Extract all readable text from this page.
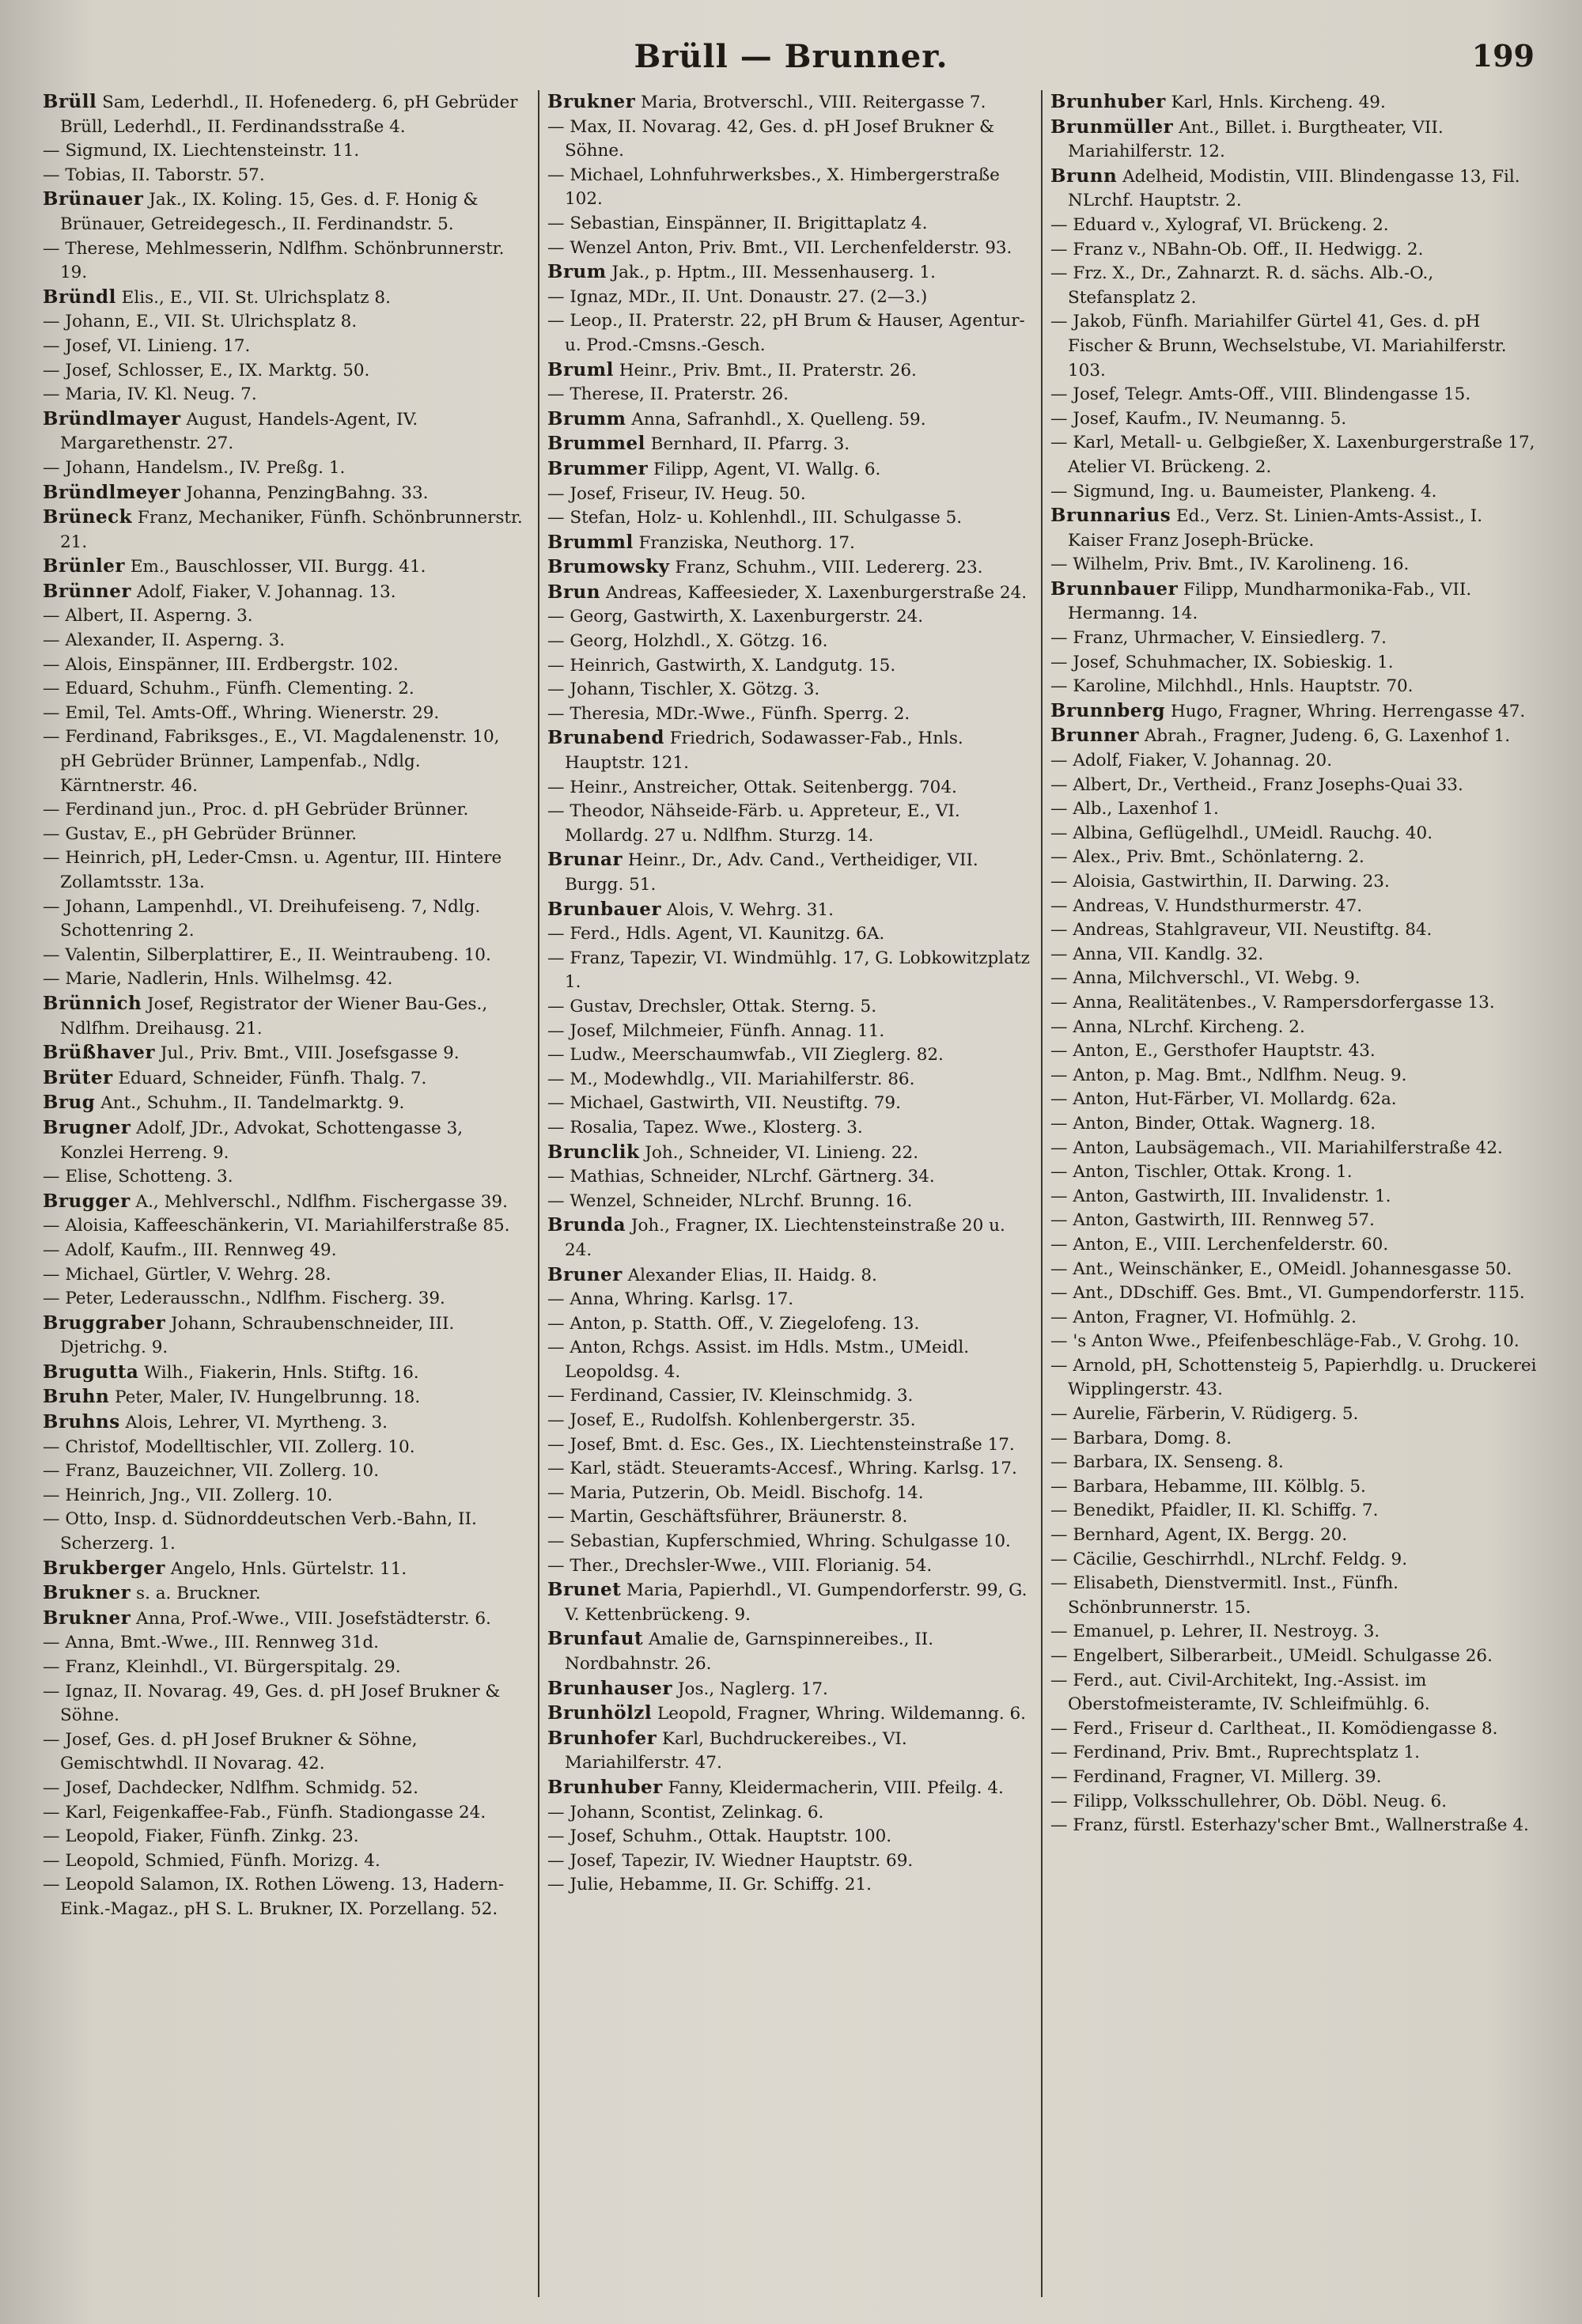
Brüll — Brunner.	199

Brüll Sam, Lederhdl., II. Hofenederg. 6, pH Gebrüder Brüll, Lederhdl., II. Ferdinandsstraße 4.

— Sigmund, IX. Liechtensteinstr. 11.

— Tobias, II. Taborstr. 57.

Brünauer Jak., IX. Koling. 15, Ges. d. F. Honig & Brünauer, Getreidegesch., II. Ferdinandstr. 5.

— Therese, Mehlmesserin, Ndlfhm. Schönbrunnerstr. 19.

Bründl Elis., E., VII. St. Ulrichsplatz 8.

— Johann, E., VII. St. Ulrichsplatz 8.

— Josef, VI. Linieng. 17.

— Josef, Schlosser, E., IX. Marktg. 50.

— Maria, IV. Kl. Neug. 7.

Bründlmayer August, Handels-Agent, IV. Margarethenstr. 27.

— Johann, Handelsm., IV. Preßg. 1.

Bründlmeyer Johanna, PenzingBahng. 33.

Brüneck Franz, Mechaniker, Fünfh. Schönbrunnerstr. 21.

Brünler Em., Bauschlosser, VII. Burgg. 41.

Brünner Adolf, Fiaker, V. Johannag. 13.

— Albert, II. Asperng. 3.

— Alexander, II. Asperng. 3.

— Alois, Einspänner, III. Erdbergstr. 102.

— Eduard, Schuhm., Fünfh. Clementing. 2.

— Emil, Tel. Amts-Off., Whring. Wienerstr. 29.

— Ferdinand, Fabriksges., E., VI. Magdalenenstr. 10, pH Gebrüder Brünner, Lampenfab., Ndlg. Kärntnerstr. 46.

— Ferdinand jun., Proc. d. pH Gebrüder Brünner.

— Gustav, E., pH Gebrüder Brünner.

— Heinrich, pH, Leder-Cmsn. u. Agentur, III. Hintere Zollamtsstr. 13a.

— Johann, Lampenhdl., VI. Dreihufeiseng. 7, Ndlg. Schottenring 2.

— Valentin, Silberplattirer, E., II. Weintraubeng. 10.

— Marie, Nadlerin, Hnls. Wilhelmsg. 42.

Brünnich Josef, Registrator der Wiener Bau-Ges., Ndlfhm. Dreihausg. 21.

Brüßhaver Jul., Priv. Bmt., VIII. Josefsgasse 9.

Brüter Eduard, Schneider, Fünfh. Thalg. 7.

Brug Ant., Schuhm., II. Tandelmarktg. 9.

Brugner Adolf, JDr., Advokat, Schottengasse 3, Konzlei Herreng. 9.

— Elise, Schotteng. 3.

Brugger A., Mehlverschl., Ndlfhm. Fischergasse 39.

— Aloisia, Kaffeeschänkerin, VI. Mariahilferstraße 85.

— Adolf, Kaufm., III. Rennweg 49.

— Michael, Gürtler, V. Wehrg. 28.

— Peter, Lederausschn., Ndlfhm. Fischerg. 39.

Bruggraber Johann, Schraubenschneider, III. Djetrichg. 9.

Brugutta Wilh., Fiakerin, Hnls. Stiftg. 16.

Bruhn Peter, Maler, IV. Hungelbrunng. 18.

Bruhns Alois, Lehrer, VI. Myrtheng. 3.

— Christof, Modelltischler, VII. Zollerg. 10.

— Franz, Bauzeichner, VII. Zollerg. 10.

— Heinrich, Jng., VII. Zollerg. 10.

— Otto, Insp. d. Südnorddeutschen Verb.-Bahn, II. Scherzerg. 1.

Brukberger Angelo, Hnls. Gürtelstr. 11.

Brukner s. a. Bruckner.

Brukner Anna, Prof.-Wwe., VIII. Josefstädterstr. 6.

— Anna, Bmt.-Wwe., III. Rennweg 31d.

— Franz, Kleinhdl., VI. Bürgerspitalg. 29.

— Ignaz, II. Novarag. 49, Ges. d. pH Josef Brukner & Söhne.

— Josef, Ges. d. pH Josef Brukner & Söhne, Gemischtwhdl. II Novarag. 42.

— Josef, Dachdecker, Ndlfhm. Schmidg. 52.

— Karl, Feigenkaffee-Fab., Fünfh. Stadiongasse 24.

— Leopold, Fiaker, Fünfh. Zinkg. 23.

— Leopold, Schmied, Fünfh. Morizg. 4.

— Leopold Salamon, IX. Rothen Löweng. 13, Hadern-Eink.-Magaz., pH S. L. Brukner, IX. Porzellang. 52.

Brukner Maria, Brotverschl., VIII. Reitergasse 7.

— Max, II. Novarag. 42, Ges. d. pH Josef Brukner & Söhne.

— Michael, Lohnfuhrwerksbes., X. Himbergerstraße 102.

— Sebastian, Einspänner, II. Brigittaplatz 4.

— Wenzel Anton, Priv. Bmt., VII. Lerchenfelderstr. 93.

Brum Jak., p. Hptm., III. Messenhauserg. 1.

— Ignaz, MDr., II. Unt. Donaustr. 27. (2—3.)

— Leop., II. Praterstr. 22, pH Brum & Hauser, Agentur- u. Prod.-Cmsns.-Gesch.

Bruml Heinr., Priv. Bmt., II. Praterstr. 26.

— Therese, II. Praterstr. 26.

Brumm Anna, Safranhdl., X. Quelleng. 59.

Brummel Bernhard, II. Pfarrg. 3.

Brummer Filipp, Agent, VI. Wallg. 6.

— Josef, Friseur, IV. Heug. 50.

— Stefan, Holz- u. Kohlenhdl., III. Schulgasse 5.

Brumml Franziska, Neuthorg. 17.

Brumowsky Franz, Schuhm., VIII. Ledererg. 23.

Brun Andreas, Kaffeesieder, X. Laxenburgerstraße 24.

— Georg, Gastwirth, X. Laxenburgerstr. 24.

— Georg, Holzhdl., X. Götzg. 16.

— Heinrich, Gastwirth, X. Landgutg. 15.

— Johann, Tischler, X. Götzg. 3.

— Theresia, MDr.-Wwe., Fünfh. Sperrg. 2.

Brunabend Friedrich, Sodawasser-Fab., Hnls. Hauptstr. 121.

— Heinr., Anstreicher, Ottak. Seitenbergg. 704.

— Theodor, Nähseide-Färb. u. Appreteur, E., VI. Mollardg. 27 u. Ndlfhm. Sturzg. 14.

Brunar Heinr., Dr., Adv. Cand., Vertheidiger, VII. Burgg. 51.

Brunbauer Alois, V. Wehrg. 31.

— Ferd., Hdls. Agent, VI. Kaunitzg. 6A.

— Franz, Tapezir, VI. Windmühlg. 17, G. Lobkowitzplatz 1.

— Gustav, Drechsler, Ottak. Sterng. 5.

— Josef, Milchmeier, Fünfh. Annag. 11.

— Ludw., Meerschaumwfab., VII Zieglerg. 82.

— M., Modewhdlg., VII. Mariahilferstr. 86.

— Michael, Gastwirth, VII. Neustiftg. 79.

— Rosalia, Tapez. Wwe., Klosterg. 3.

Brunclik Joh., Schneider, VI. Linieng. 22.

— Mathias, Schneider, NLrchf. Gärtnerg. 34.

— Wenzel, Schneider, NLrchf. Brunng. 16.

Brunda Joh., Fragner, IX. Liechtensteinstraße 20 u. 24.

Bruner Alexander Elias, II. Haidg. 8.

— Anna, Whring. Karlsg. 17.

— Anton, p. Statth. Off., V. Ziegelofeng. 13.

— Anton, Rchgs. Assist. im Hdls. Mstm., UMeidl. Leopoldsg. 4.

— Ferdinand, Cassier, IV. Kleinschmidg. 3.

— Josef, E., Rudolfsh. Kohlenbergerstr. 35.

— Josef, Bmt. d. Esc. Ges., IX. Liechtensteinstraße 17.

— Karl, städt. Steueramts-Accesf., Whring. Karlsg. 17.

— Maria, Putzerin, Ob. Meidl. Bischofg. 14.

— Martin, Geschäftsführer, Bräunerstr. 8.

— Sebastian, Kupferschmied, Whring. Schulgasse 10.

— Ther., Drechsler-Wwe., VIII. Florianig. 54.

Brunet Maria, Papierhdl., VI. Gumpendorferstr. 99, G. V. Kettenbrückeng. 9.

Brunfaut Amalie de, Garnspinnereibes., II. Nordbahnstr. 26.

Brunhauser Jos., Naglerg. 17.

Brunhölzl Leopold, Fragner, Whring. Wildemanng. 6.

Brunhofer Karl, Buchdruckereibes., VI. Mariahilferstr. 47.

Brunhuber Fanny, Kleidermacherin, VIII. Pfeilg. 4.

— Johann, Scontist, Zelinkag. 6.

— Josef, Schuhm., Ottak. Hauptstr. 100.

— Josef, Tapezir, IV. Wiedner Hauptstr. 69.

— Julie, Hebamme, II. Gr. Schiffg. 21.

Brunhuber Karl, Hnls. Kircheng. 49.

Brunmüller Ant., Billet. i. Burgtheater, VII. Mariahilferstr. 12.

Brunn Adelheid, Modistin, VIII. Blindengasse 13, Fil. NLrchf. Hauptstr. 2.

— Eduard v., Xylograf, VI. Brückeng. 2.

— Franz v., NBahn-Ob. Off., II. Hedwigg. 2.

— Frz. X., Dr., Zahnarzt. R. d. sächs. Alb.-O., Stefansplatz 2.

— Jakob, Fünfh. Mariahilfer Gürtel 41, Ges. d. pH Fischer & Brunn, Wechselstube, VI. Mariahilferstr. 103.

— Josef, Telegr. Amts-Off., VIII. Blindengasse 15.

— Josef, Kaufm., IV. Neumanng. 5.

— Karl, Metall- u. Gelbgießer, X. Laxenburgerstraße 17, Atelier VI. Brückeng. 2.

— Sigmund, Ing. u. Baumeister, Plankeng. 4.

Brunnarius Ed., Verz. St. Linien-Amts-Assist., I. Kaiser Franz Joseph-Brücke.

— Wilhelm, Priv. Bmt., IV. Karolineng. 16.

Brunnbauer Filipp, Mundharmonika-Fab., VII. Hermanng. 14.

— Franz, Uhrmacher, V. Einsiedlerg. 7.

— Josef, Schuhmacher, IX. Sobieskig. 1.

— Karoline, Milchhdl., Hnls. Hauptstr. 70.

Brunnberg Hugo, Fragner, Whring. Herrengasse 47.

Brunner Abrah., Fragner, Judeng. 6, G. Laxenhof 1.

— Adolf, Fiaker, V. Johannag. 20.

— Albert, Dr., Vertheid., Franz Josephs-Quai 33.

— Alb., Laxenhof 1.

— Albina, Geflügelhdl., UMeidl. Rauchg. 40.

— Alex., Priv. Bmt., Schönlaterng. 2.

— Aloisia, Gastwirthin, II. Darwing. 23.

— Andreas, V. Hundsthurmerstr. 47.

— Andreas, Stahlgraveur, VII. Neustiftg. 84.

— Anna, VII. Kandlg. 32.

— Anna, Milchverschl., VI. Webg. 9.

— Anna, Realitätenbes., V. Rampersdorfergasse 13.

— Anna, NLrchf. Kircheng. 2.

— Anton, E., Gersthofer Hauptstr. 43.

— Anton, p. Mag. Bmt., Ndlfhm. Neug. 9.

— Anton, Hut-Färber, VI. Mollardg. 62a.

— Anton, Binder, Ottak. Wagnerg. 18.

— Anton, Laubsägemach., VII. Mariahilferstraße 42.

— Anton, Tischler, Ottak. Krong. 1.

— Anton, Gastwirth, III. Invalidenstr. 1.

— Anton, Gastwirth, III. Rennweg 57.

— Anton, E., VIII. Lerchenfelderstr. 60.

— Ant., Weinschänker, E., OMeidl. Johannesgasse 50.

— Ant., DDschiff. Ges. Bmt., VI. Gumpendorferstr. 115.

— Anton, Fragner, VI. Hofmühlg. 2.

— 's Anton Wwe., Pfeifenbeschläge-Fab., V. Grohg. 10.

— Arnold, pH, Schottensteig 5, Papierhdlg. u. Druckerei Wipplingerstr. 43.

— Aurelie, Färberin, V. Rüdigerg. 5.

— Barbara, Domg. 8.

— Barbara, IX. Senseng. 8.

— Barbara, Hebamme, III. Kölblg. 5.

— Benedikt, Pfaidler, II. Kl. Schiffg. 7.

— Bernhard, Agent, IX. Bergg. 20.

— Cäcilie, Geschirrhdl., NLrchf. Feldg. 9.

— Elisabeth, Dienstvermitl. Inst., Fünfh. Schönbrunnerstr. 15.

— Emanuel, p. Lehrer, II. Nestroyg. 3.

— Engelbert, Silberarbeit., UMeidl. Schulgasse 26.

— Ferd., aut. Civil-Architekt, Ing.-Assist. im Oberstofmeisteramte, IV. Schleifmühlg. 6.

— Ferd., Friseur d. Carltheat., II. Komödiengasse 8.

— Ferdinand, Priv. Bmt., Ruprechtsplatz 1.

— Ferdinand, Fragner, VI. Millerg. 39.

— Filipp, Volksschullehrer, Ob. Döbl. Neug. 6.

— Franz, fürstl. Esterhazy'scher Bmt., Wallnerstraße 4.
